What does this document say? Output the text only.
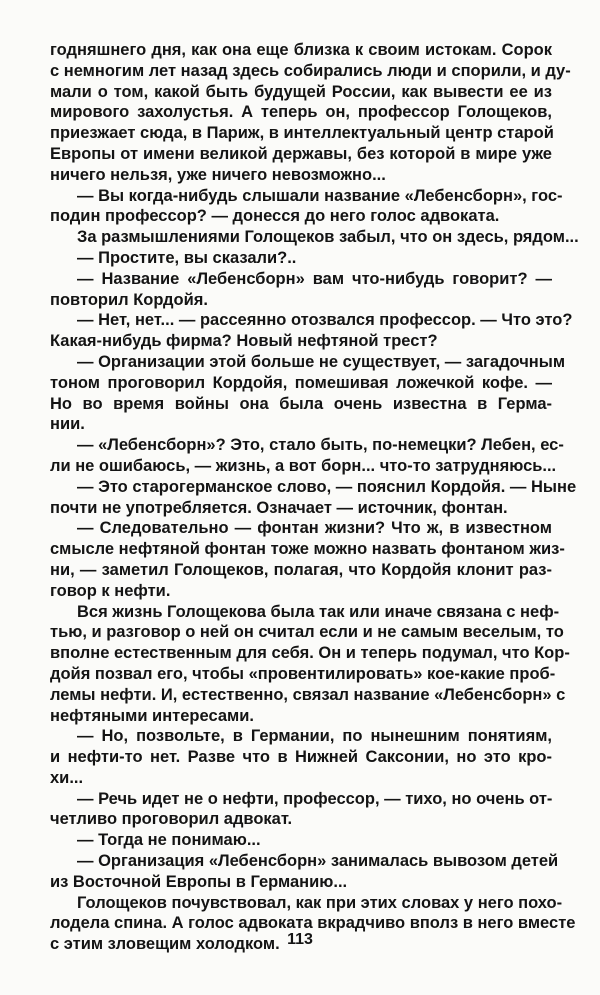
годняшнего дня, как она еще близка к своим истокам. Сорок
с немногим лет назад здесь собирались люди и спорили, и ду-
мали о том, какой быть будущей России, как вывести ее из
мирового захолустья. А теперь он, профессор Голощеков,
приезжает сюда, в Париж, в интеллектуальный центр старой
Европы от имени великой державы, без которой в мире уже
ничего нельзя, уже ничего невозможно...
— Вы когда-нибудь слышали название «Лебенсборн», гос-
подин профессор? — донесся до него голос адвоката.
За размышлениями Голощеков забыл, что он здесь, рядом...
— Простите, вы сказали?..
— Название «Лебенсборн» вам что-нибудь говорит? —
повторил Кордойя.
— Нет, нет... — рассеянно отозвался профессор. — Что это?
Какая-нибудь фирма? Новый нефтяной трест?
— Организации этой больше не существует, — загадочным
тоном проговорил Кордойя, помешивая ложечкой кофе. —
Но во время войны она была очень известна в Герма-
нии.
— «Лебенсборн»? Это, стало быть, по-немецки? Лебен, ес-
ли не ошибаюсь, — жизнь, а вот борн... что-то затрудняюсь...
— Это старогерманское слово, — пояснил Кордойя. — Ныне
почти не употребляется. Означает — источник, фонтан.
— Следовательно — фонтан жизни? Что ж, в известном
смысле нефтяной фонтан тоже можно назвать фонтаном жиз-
ни, — заметил Голощеков, полагая, что Кордойя клонит раз-
говор к нефти.
Вся жизнь Голощекова была так или иначе связана с неф-
тью, и разговор о ней он считал если и не самым веселым, то
вполне естественным для себя. Он и теперь подумал, что Кор-
дойя позвал его, чтобы «провентилировать» кое-какие проб-
лемы нефти. И, естественно, связал название «Лебенсборн» с
нефтяными интересами.
— Но, позвольте, в Германии, по нынешним понятиям,
и нефти-то нет. Разве что в Нижней Саксонии, но это кро-
хи...
— Речь идет не о нефти, профессор, — тихо, но очень от-
четливо проговорил адвокат.
— Тогда не понимаю...
— Организация «Лебенсборн» занималась вывозом детей
из Восточной Европы в Германию...
Голощеков почувствовал, как при этих словах у него похо-
лодела спина. А голос адвоката вкрадчиво вполз в него вместе
с этим зловещим холодком. 113
